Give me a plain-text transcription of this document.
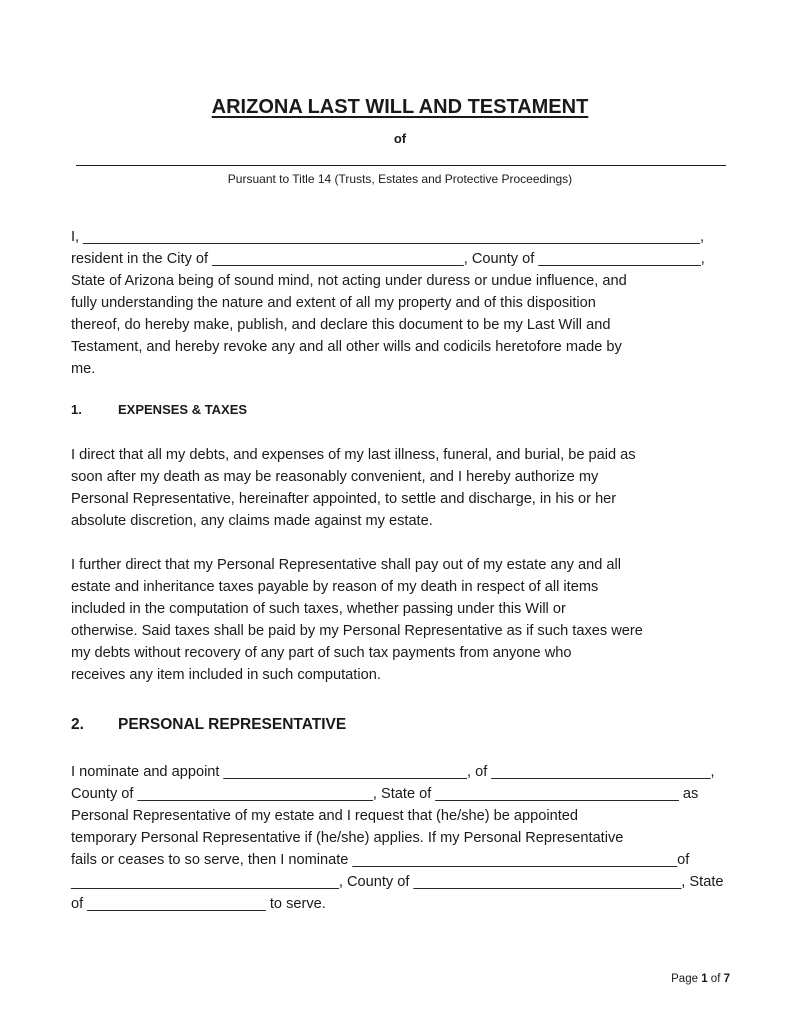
ARIZONA LAST WILL AND TESTAMENT
of
Pursuant to Title 14 (Trusts, Estates and Protective Proceedings)
I, ____________________________________________________________________________,
resident in the City of _______________________________, County of ____________________,
State of Arizona being of sound mind, not acting under duress or undue influence, and
fully understanding the nature and extent of all my property and of this disposition
thereof, do hereby make, publish, and declare this document to be my Last Will and
Testament, and hereby revoke any and all other wills and codicils heretofore made by
me.
1.	EXPENSES & TAXES
I direct that all my debts, and expenses of my last illness, funeral, and burial, be paid as
soon after my death as may be reasonably convenient, and I hereby authorize my
Personal Representative, hereinafter appointed, to settle and discharge, in his or her
absolute discretion, any claims made against my estate.
I further direct that my Personal Representative shall pay out of my estate any and all
estate and inheritance taxes payable by reason of my death in respect of all items
included in the computation of such taxes, whether passing under this Will or
otherwise. Said taxes shall be paid by my Personal Representative as if such taxes were
my debts without recovery of any part of such tax payments from anyone who
receives any item included in such computation.
2. PERSONAL REPRESENTATIVE
I nominate and appoint ______________________________, of ___________________________,
County of _____________________________, State of ______________________________ as
Personal Representative of my estate and I request that (he/she) be appointed
temporary Personal Representative if (he/she) applies. If my Personal Representative
fails or ceases to so serve, then I nominate ________________________________________of
_________________________________, County of _________________________________, State
of ______________________ to serve.
Page 1 of 7
